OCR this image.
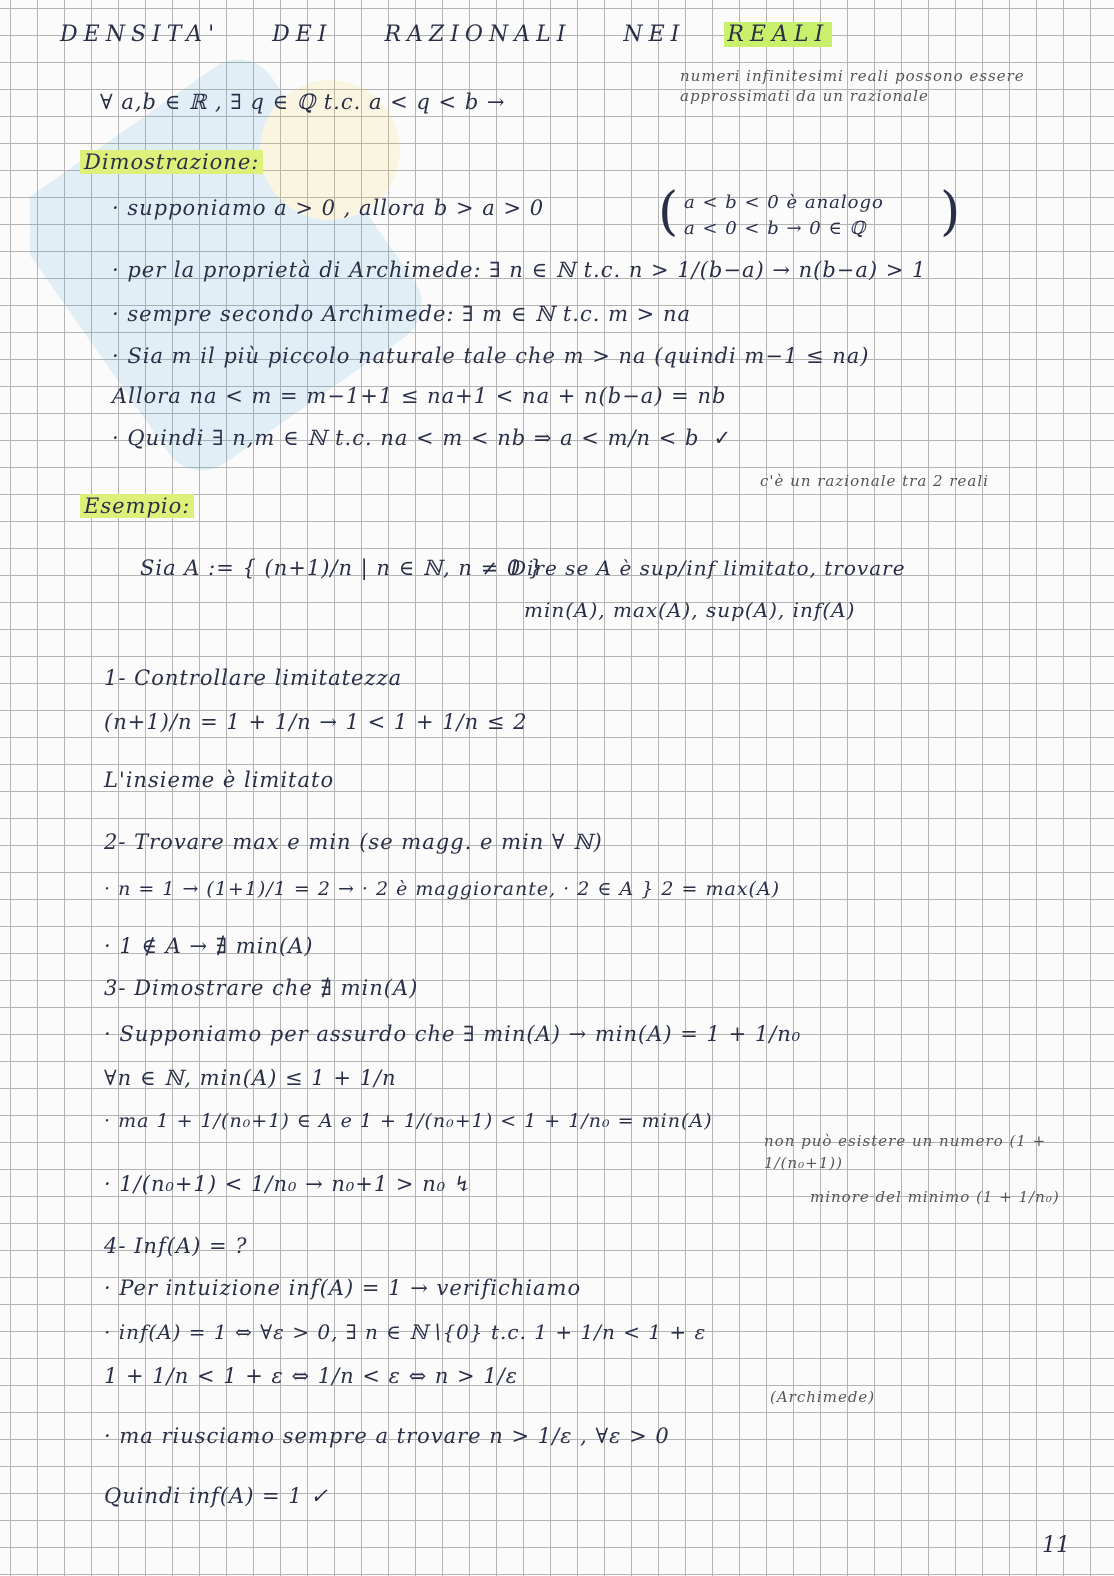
DENSITA' DEI RAZIONALI NEI REALI
∀ a,b ∈ ℝ , ∃ q ∈ ℚ t.c. a < q < b →
numeri infinitesimi reali possono essere approssimati da un razionale
Dimostrazione:
· supponiamo a > 0 , allora b > a > 0 ( a < b < 0 è analogo
a < 0 < b → 0 ∈ ℚ )
· per la proprietà di Archimede: ∃ n ∈ ℕ t.c. n > 1/(b−a) → n(b−a) > 1
· sempre secondo Archimede: ∃ m ∈ ℕ t.c. m > na
· Sia m il più piccolo naturale tale che m > na (quindi m−1 ≤ na)
Allora na < m = m−1+1 ≤ na+1 < na + n(b−a) = nb
· Quindi ∃ n,m ∈ ℕ t.c. na < m < nb ⇒ a < m/n < b ✓
c'è un razionale tra 2 reali
Esempio:
Sia A := { (n+1)/n | n ∈ ℕ, n ≠ 0 }
Dire se A è sup/inf limitato, trovare
min(A), max(A), sup(A), inf(A)
1- Controllare limitatezza
(n+1)/n = 1 + 1/n → 1 < 1 + 1/n ≤ 2
L'insieme è limitato
2- Trovare max e min (se magg. e min ∀ ℕ)
· n = 1 → (1+1)/1 = 2 → · 2 è maggiorante, · 2 ∈ A } 2 = max(A)
· 1 ∉ A → ∄ min(A)
3- Dimostrare che ∄ min(A)
· Supponiamo per assurdo che ∃ min(A) → min(A) = 1 + 1/n₀
∀n ∈ ℕ, min(A) ≤ 1 + 1/n
· ma 1 + 1/(n₀+1) ∈ A e 1 + 1/(n₀+1) < 1 + 1/n₀ = min(A)
· 1/(n₀+1) < 1/n₀ → n₀+1 > n₀ ↯
non può esistere un numero (1 + 1/(n₀+1))
minore del minimo (1 + 1/n₀)
4- Inf(A) = ?
· Per intuizione inf(A) = 1 → verifichiamo
· inf(A) = 1 ⇔ ∀ε > 0, ∃ n ∈ ℕ∖{0} t.c. 1 + 1/n < 1 + ε
1 + 1/n < 1 + ε ⇔ 1/n < ε ⇔ n > 1/ε
(Archimede)
· ma riusciamo sempre a trovare n > 1/ε , ∀ε > 0
Quindi inf(A) = 1 ✓
11
